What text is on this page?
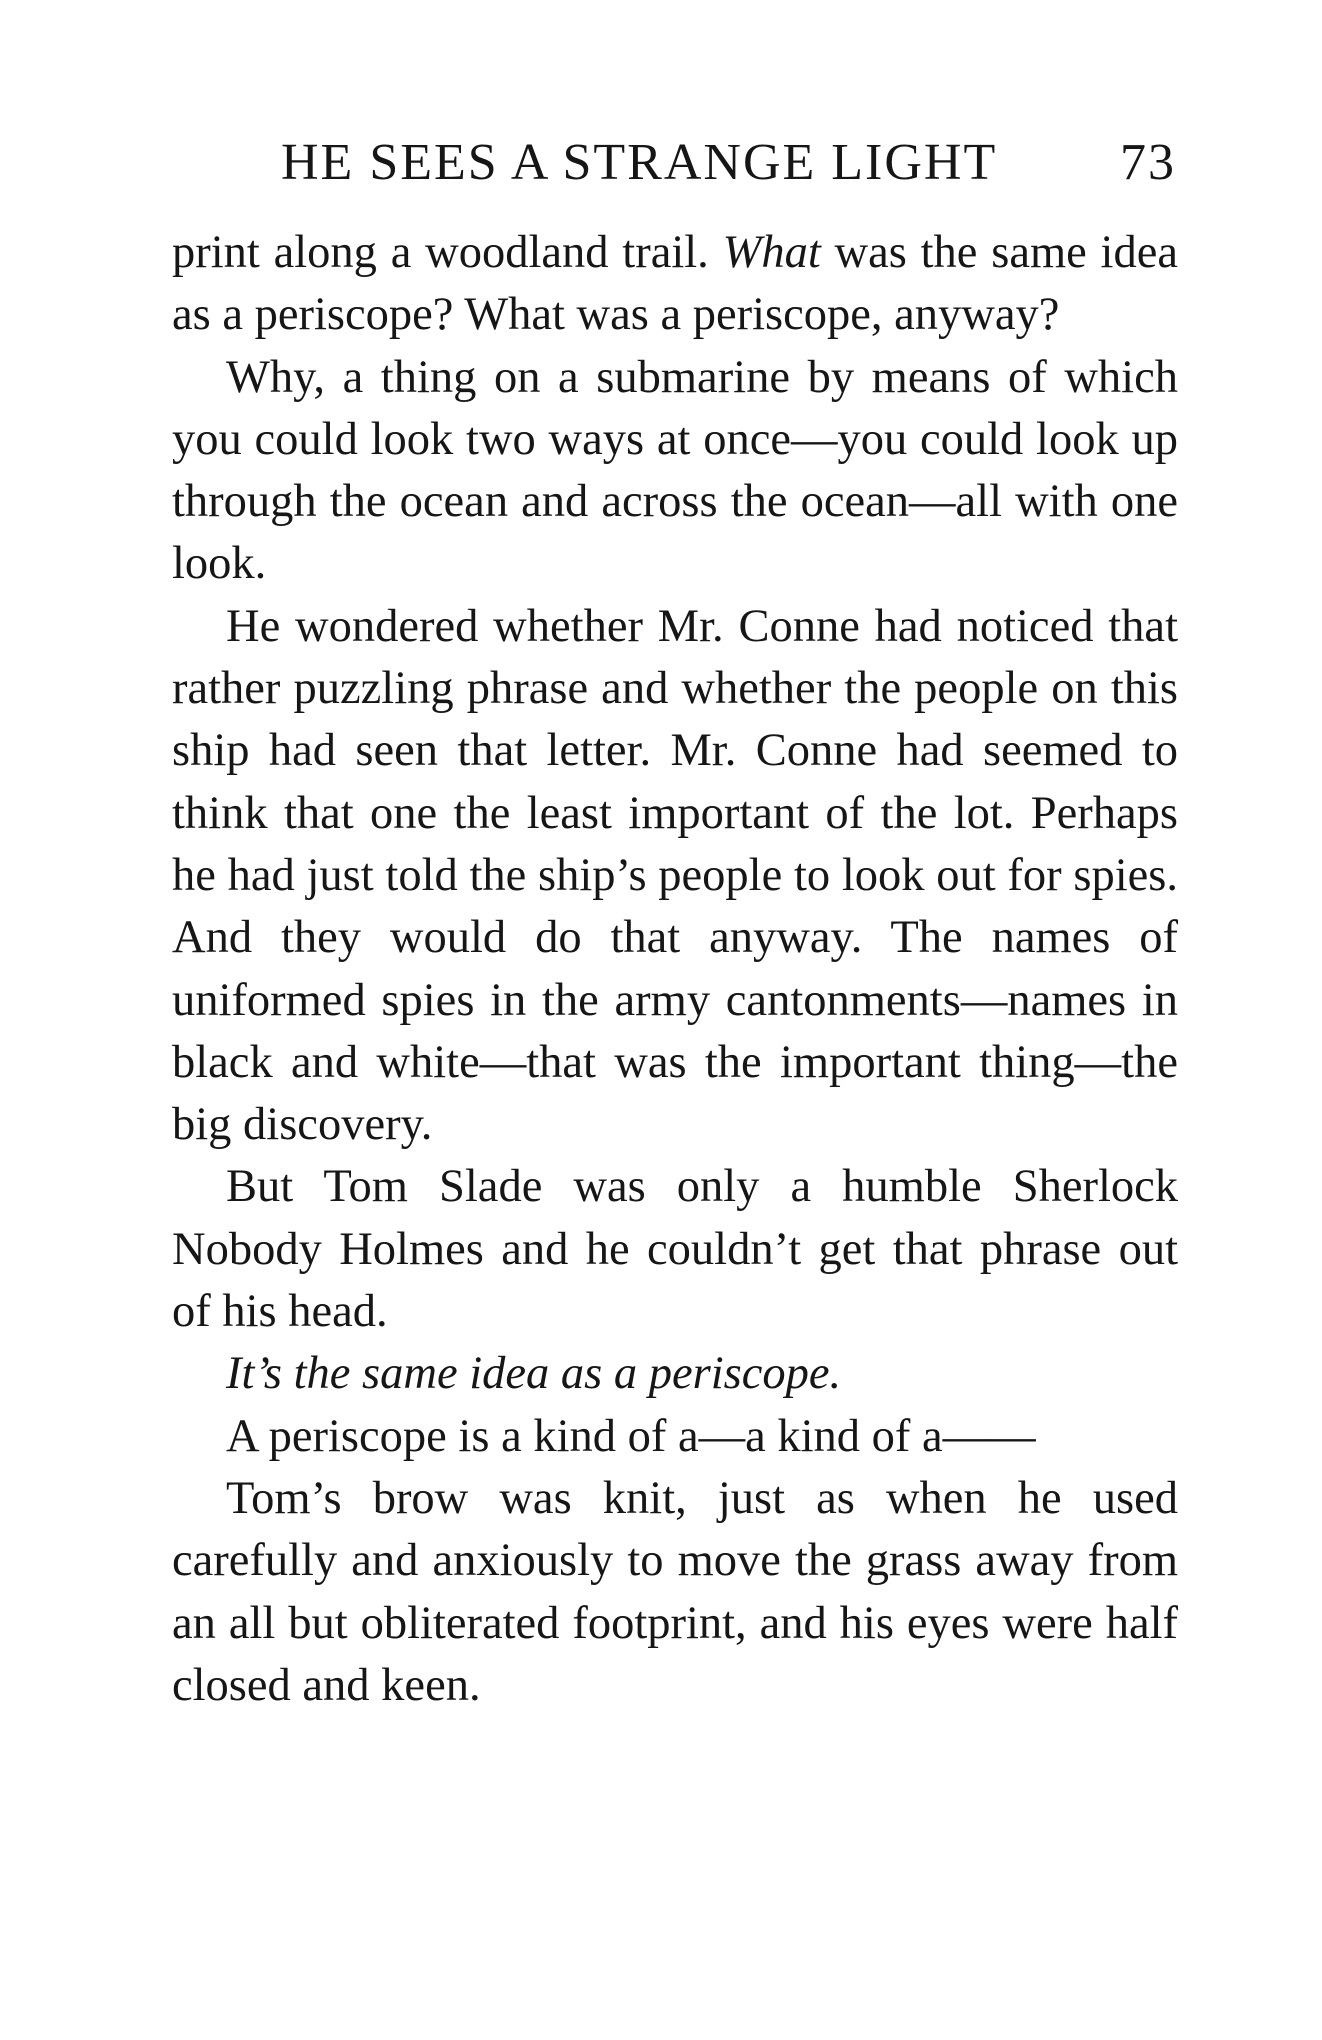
HE SEES A STRANGE LIGHT 73

print along a woodland trail. What was the same idea as a periscope? What was a periscope, anyway?

Why, a thing on a submarine by means of which you could look two ways at once—you could look up through the ocean and across the ocean—all with one look.

He wondered whether Mr. Conne had noticed that rather puzzling phrase and whether the people on this ship had seen that letter. Mr. Conne had seemed to think that one the least important of the lot. Perhaps he had just told the ship’s people to look out for spies. And they would do that anyway. The names of uniformed spies in the army cantonments—names in black and white—that was the important thing—the big discovery.

But Tom Slade was only a humble Sherlock Nobody Holmes and he couldn’t get that phrase out of his head.

It’s the same idea as a periscope.

A periscope is a kind of a—a kind of a——

Tom’s brow was knit, just as when he used carefully and anxiously to move the grass away from an all but obliterated footprint, and his eyes were half closed and keen.
